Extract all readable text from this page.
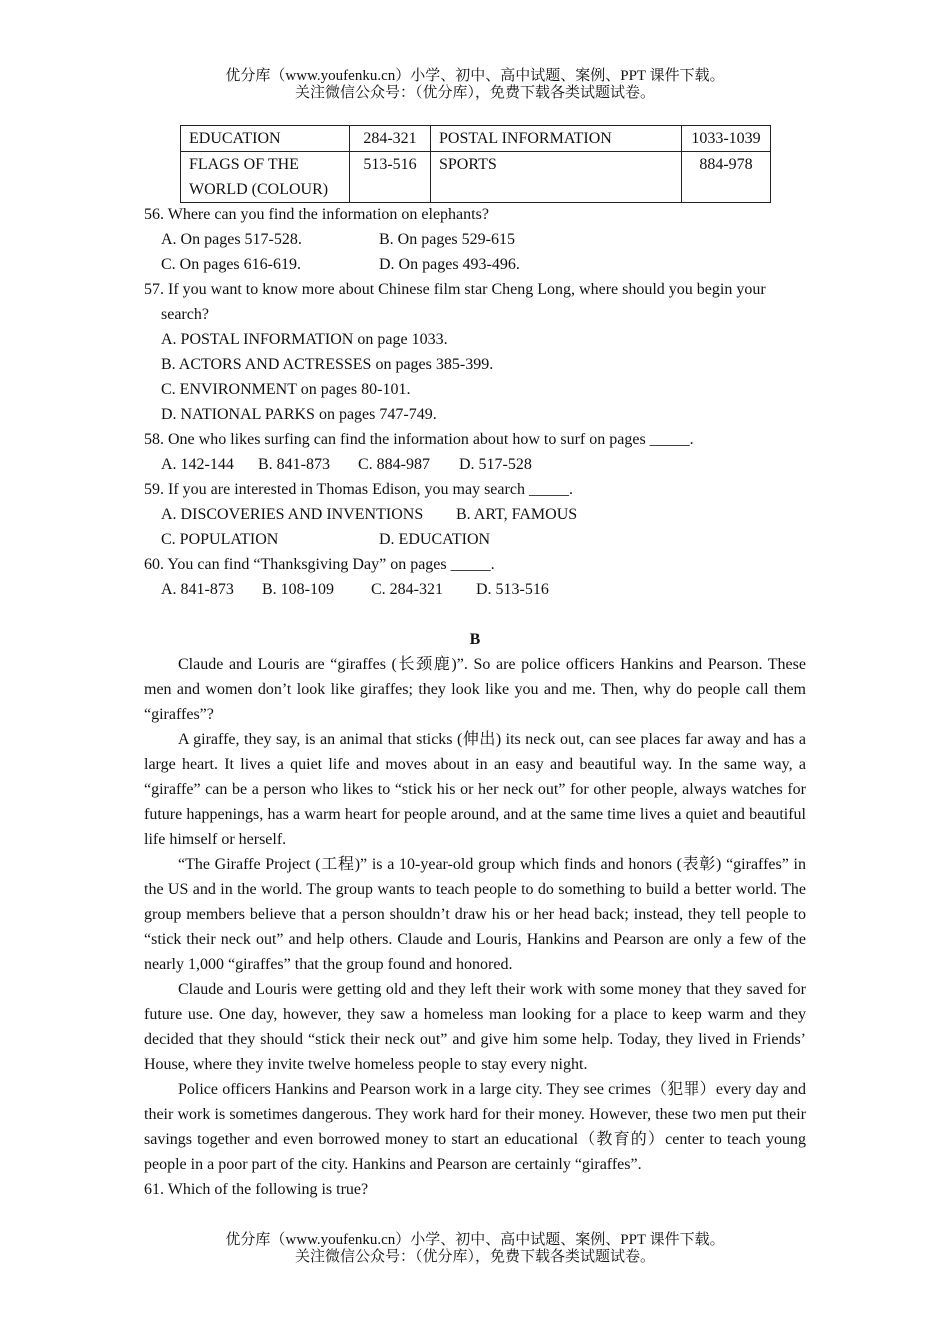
优分库（www.youfenku.cn）小学、初中、高中试题、案例、PPT 课件下载。
关注微信公众号：（优分库），免费下载各类试题试卷。
EDUCATION	284-321	POSTAL INFORMATION	1033-1039

FLAGS OF THE
WORLD (COLOUR)	513-516	SPORTS	884-978
56. Where can you find the information on elephants?
A. On pages 517-528.	B. On pages 529-615
C. On pages 616-619.	D. On pages 493-496.
57. If you want to know more about Chinese film star Cheng Long, where should you begin your
search?
A. POSTAL INFORMATION on page 1033.
B. ACTORS AND ACTRESSES on pages 385-399.
C. ENVIRONMENT on pages 80-101.
D. NATIONAL PARKS on pages 747-749.
58. One who likes surfing can find the information about how to surf on pages _____.
A. 142-144 B. 841-873 C. 884-987 D. 517-528
59. If you are interested in Thomas Edison, you may search _____.
A. DISCOVERIES AND INVENTIONS B. ART, FAMOUS
C. POPULATION	D. EDUCATION
60. You can find “Thanksgiving Day” on pages _____.
A. 841-873 B. 108-109 C. 284-321 D. 513-516
B

Claude and Louris are “giraffes (长颈鹿)”. So are police officers Hankins and Pearson. These men and women don’t look like giraffes; they look like you and me. Then, why do people call them “giraffes”?

A giraffe, they say, is an animal that sticks (伸出) its neck out, can see places far away and has a large heart. It lives a quiet life and moves about in an easy and beautiful way. In the same way, a “giraffe” can be a person who likes to “stick his or her neck out” for other people, always watches for future happenings, has a warm heart for people around, and at the same time lives a quiet and beautiful life himself or herself.

“The Giraffe Project (工程)” is a 10-year-old group which finds and honors (表彰) “giraffes” in the US and in the world. The group wants to teach people to do something to build a better world. The group members believe that a person shouldn’t draw his or her head back; instead, they tell people to “stick their neck out” and help others. Claude and Louris, Hankins and Pearson are only a few of the nearly 1,000 “giraffes” that the group found and honored.

Claude and Louris were getting old and they left their work with some money that they saved for future use. One day, however, they saw a homeless man looking for a place to keep warm and they decided that they should “stick their neck out” and give him some help. Today, they lived in Friends’ House, where they invite twelve homeless people to stay every night.

Police officers Hankins and Pearson work in a large city. They see crimes（犯罪）every day and their work is sometimes dangerous. They work hard for their money. However, these two men put their savings together and even borrowed money to start an educational（教育的）center to teach young people in a poor part of the city. Hankins and Pearson are certainly “giraffes”.

61. Which of the following is true?
优分库（www.youfenku.cn）小学、初中、高中试题、案例、PPT 课件下载。
关注微信公众号：（优分库），免费下载各类试题试卷。
